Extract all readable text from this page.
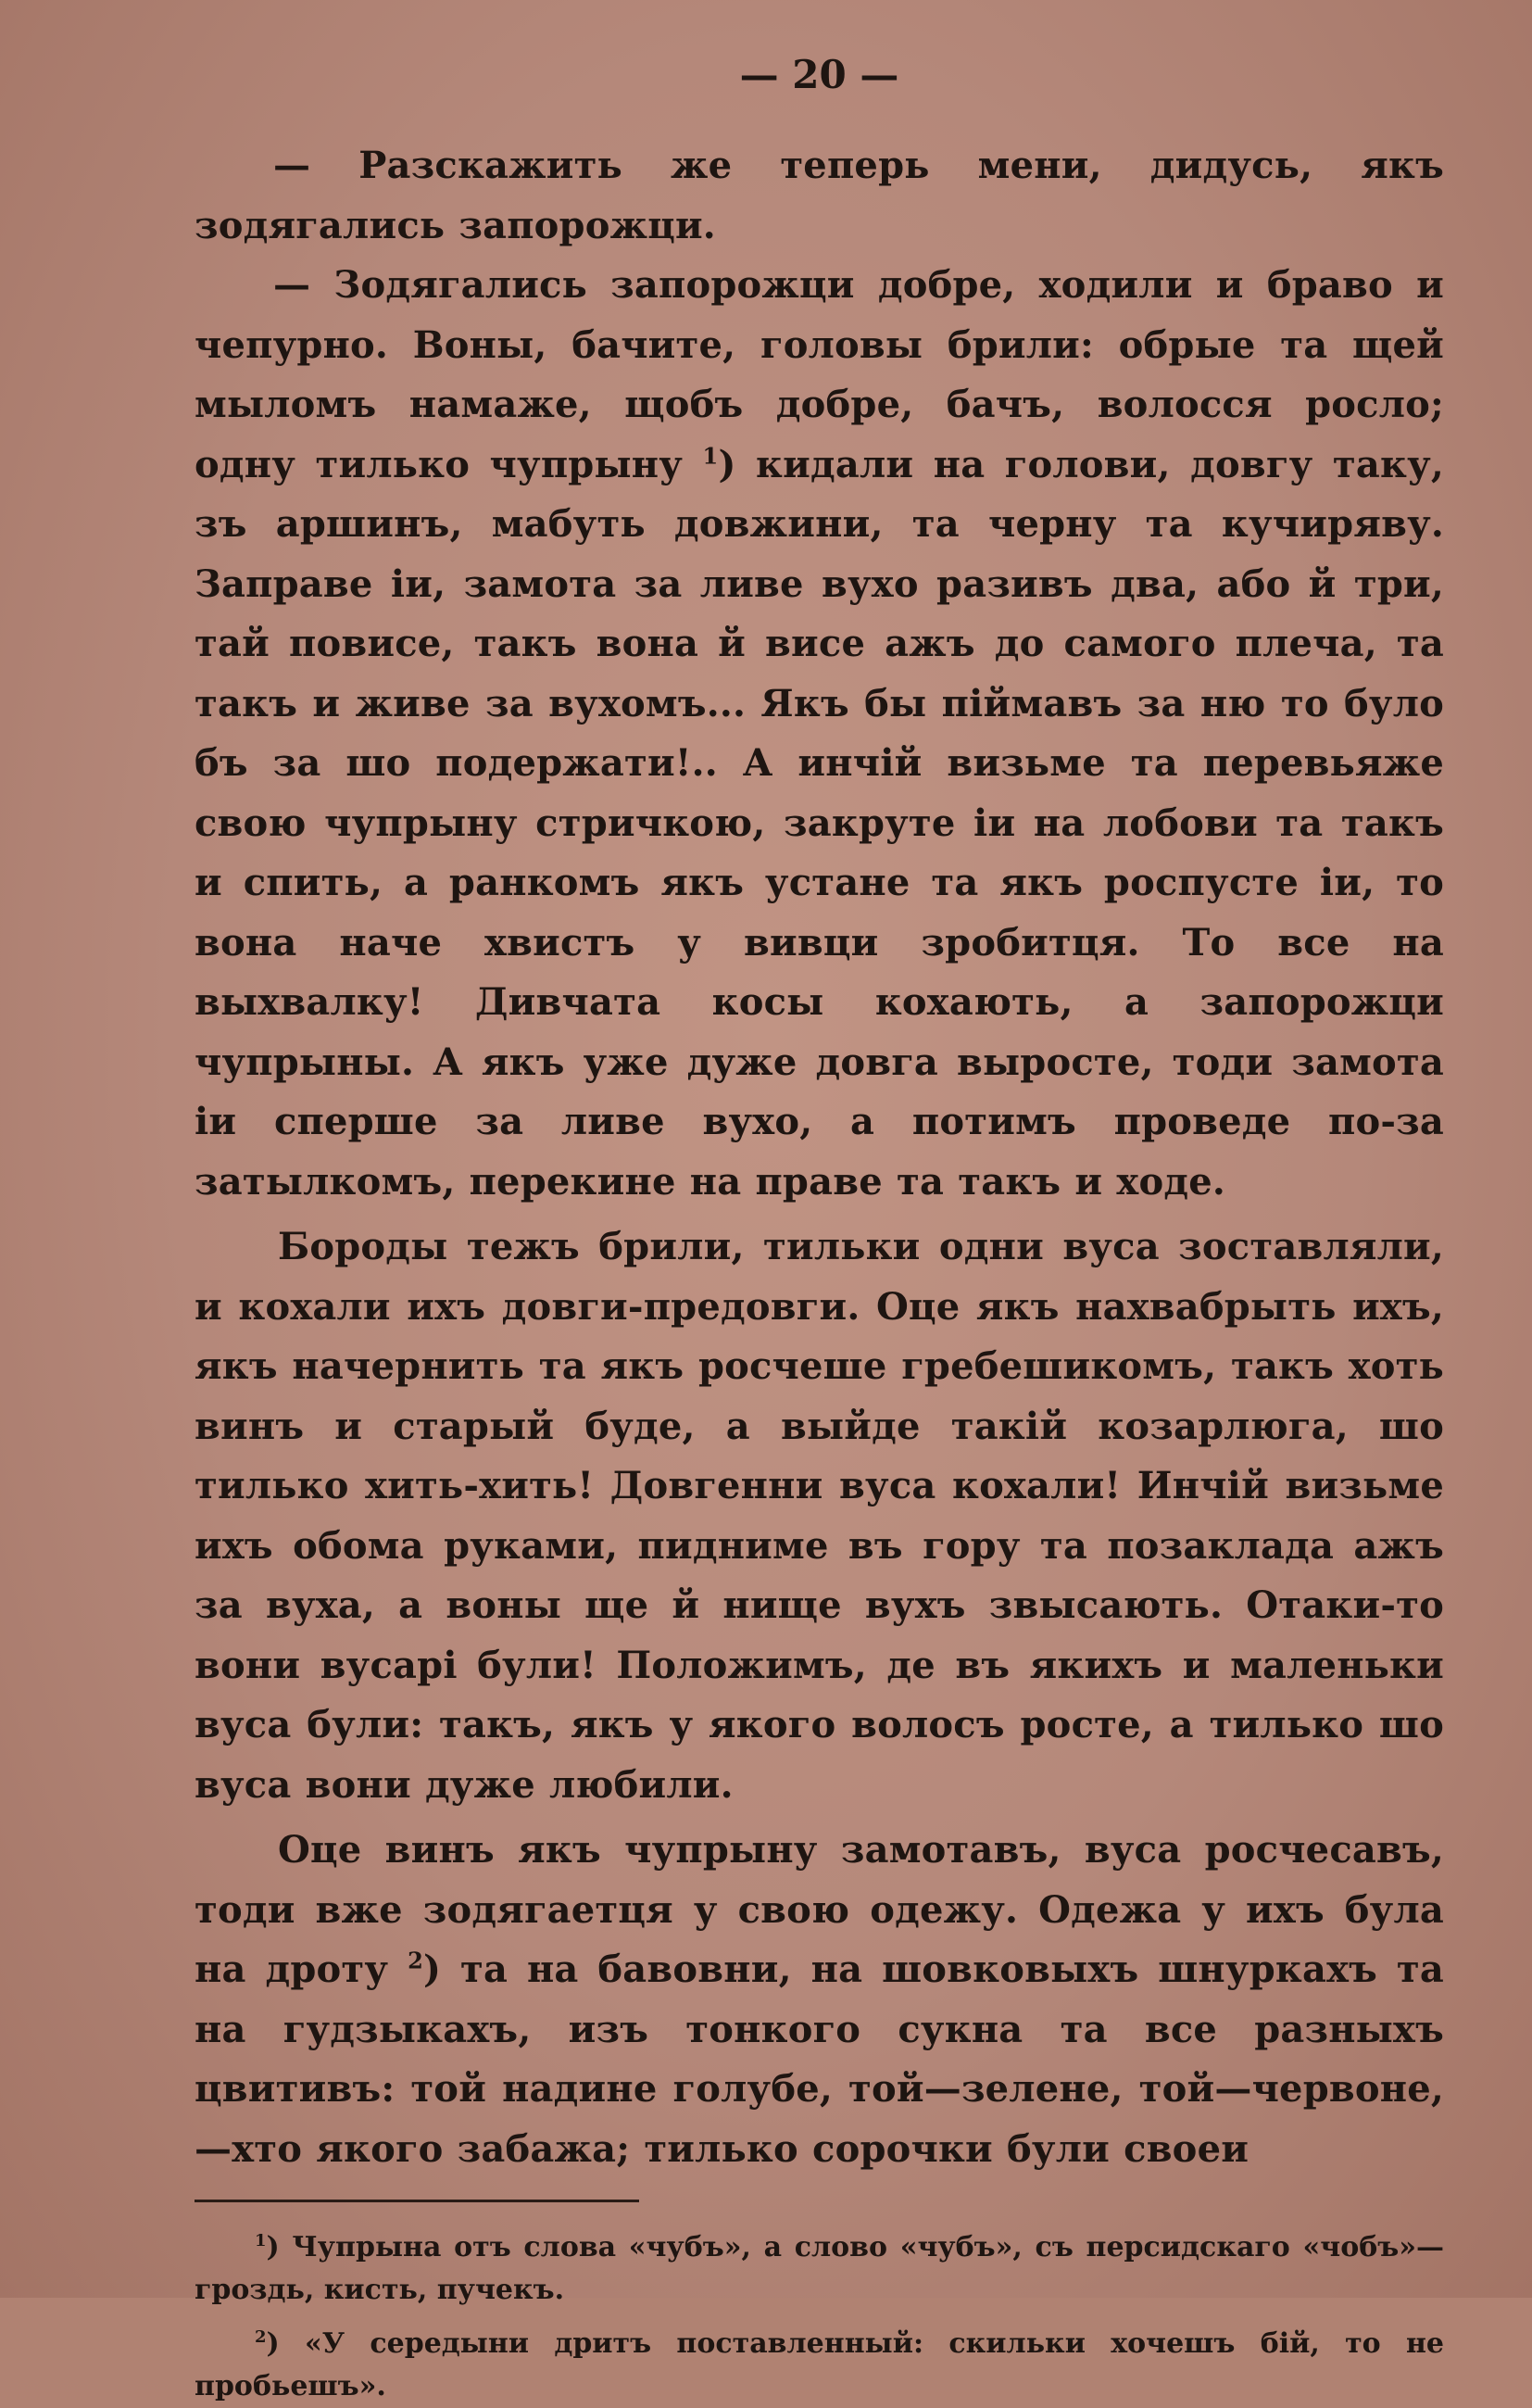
— 20 —

— Разскажить же теперь мени, дидусь, якъ зодягались запорожци.

— Зодягались запорожци добре, ходили и браво и чепурно. Воны, бачите, головы брили: обрые та щей мыломъ намаже, щобъ добре, бачъ, волосся росло; одну тилько чупрыну $^1$) кидали на голови, довгу таку, зъ аршинъ, мабуть довжини, та черну та кучиряву. Заправе іи, замота за ливе вухо разивъ два, або й три, тай повисе, такъ вона й висе ажъ до самого плеча, та такъ и живе за вухомъ... Якъ бы піймавъ за ню то було бъ за шо подержати!.. А инчій визьме та перевьяже свою чупрыну стричкою, закруте іи на лобови та такъ и спить, а ранкомъ якъ устане та якъ роспусте іи, то вона наче хвистъ у вивци зробитця. То все на выхвалку! Дивчата косы кохають, а запорожци чупрыны. А якъ уже дуже довга выросте, тоди замота іи сперше за ливе вухо, а потимъ проведе по-за затылкомъ, перекине на праве та такъ и ходе.

Бороды тежъ брили, тильки одни вуса зоставляли, и кохали ихъ довги-предовги. Оце якъ нахвабрыть ихъ, якъ начернить та якъ росчеше гребешикомъ, такъ хоть винъ и старый буде, а выйде такій козарлюга, шо тилько хить-хить! Довгенни вуса кохали! Инчій визьме ихъ обома руками, пидниме въ гору та позаклада ажъ за вуха, а воны ще й нище вухъ звысають. Отаки-то вони вусарі були! Положимъ, де въ якихъ и маленьки вуса були: такъ, якъ у якого волосъ росте, а тилько шо вуса вони дуже любили.

Оце винъ якъ чупрыну замотавъ, вуса росчесавъ, тоди вже зодягаетця у свою одежу. Одежа у ихъ була на дроту $^2$) та на бавовни, на шовковыхъ шнуркахъ та на гудзыкахъ, изъ тонкого сукна та все разныхъ цвитивъ: той надине голубе, той—зелене, той—червоне,—хто якого забажа; тилько сорочки були своеи

$^1$) Чупрына отъ слова «чубъ», а слово «чубъ», съ персидскаго «чобъ»—гроздь, кисть, пучекъ.

$^2$) «У середыни дритъ поставленный: скильки хочешъ бій, то не пробьешъ».
